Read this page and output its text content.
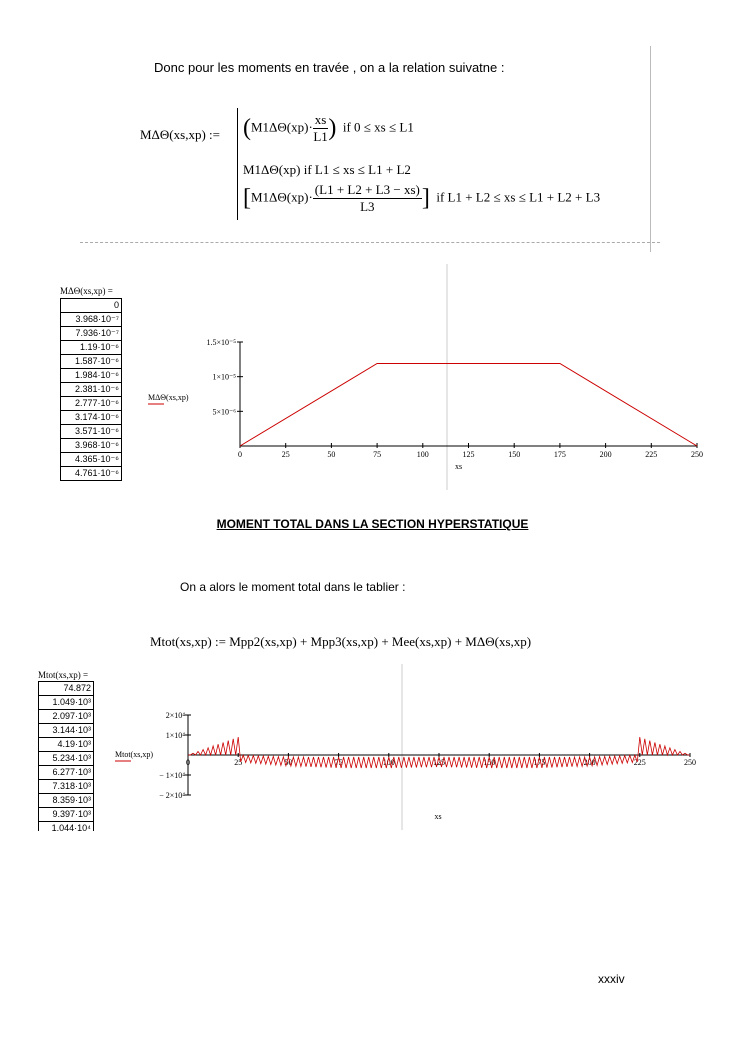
Donc pour les moments en travée , on a la relation suivatne :
MΔΘ(xs,xp) := ($M1\Delta\Theta(xp)\cdot \frac{xs}{L1}$ ) if 0 ≤ xs ≤ L1
M1ΔΘ(xp) if L1 ≤ xs ≤ L1 + L2
[$M1\Delta\Theta(xp)\cdot \frac{(L1 + L2 + L3 - xs)}{L3}$ ] if L1 + L2 ≤ xs ≤ L1 + L2 + L3
MΔΘ(xs,xp) =
0
3.968·10⁻⁷
7.936·10⁻⁷
1.19·10⁻⁶
1.587·10⁻⁶
1.984·10⁻⁶
2.381·10⁻⁶
2.777·10⁻⁶
3.174·10⁻⁶
3.571·10⁻⁶
3.968·10⁻⁶
4.365·10⁻⁶
4.761·10⁻⁶
5×10⁻⁶
1×10⁻⁵
1.5×10⁻⁵
0	25	50	75	100	125	150	175	200	225	250
xs
MΔΘ(xs,xp)
MOMENT TOTAL DANS LA SECTION HYPERSTATIQUE
On a alors le moment total dans le tablier :
Mtot(xs,xp) := Mpp2(xs,xp) + Mpp3(xs,xp) + Mee(xs,xp) + MΔΘ(xs,xp)
Mtot(xs,xp) =
74.872
1.049·10³
2.097·10³
3.144·10³
4.19·10³
5.234·10³
6.277·10³
7.318·10³
8.359·10³
9.397·10³
1.044·10⁴
2×10⁴
1×10⁴
− 1×10⁴
− 2×10⁴
0	25	50	75	100	125	150	175	200	225	250
xs
Mtot(xs,xp)
xxxiv
